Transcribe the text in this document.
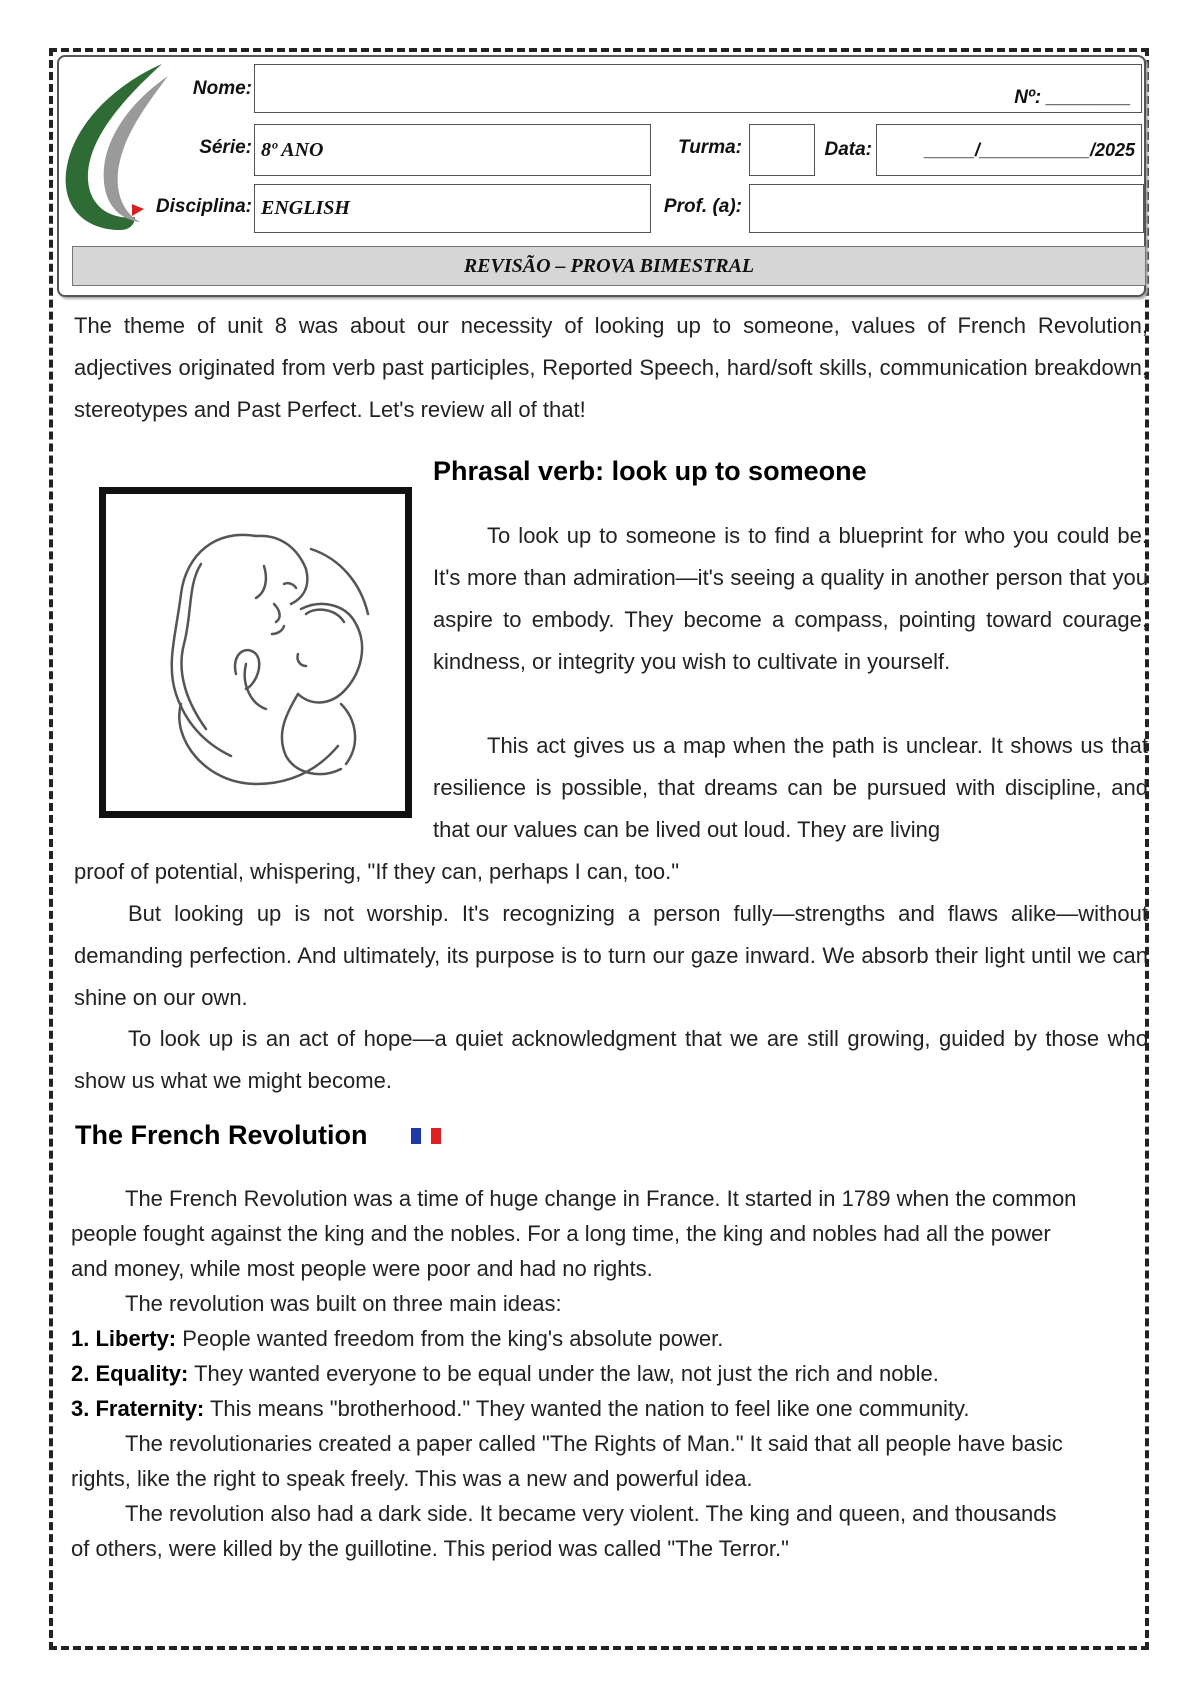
Nome:	Nº: ________
Série: 8º ANO	Turma:	Data:	_____/___________/2025
Disciplina: ENGLISH	Prof. (a):
REVISÃO – PROVA BIMESTRAL

The theme of unit 8 was about our necessity of looking up to someone, values of French Revolution, adjectives originated from verb past participles, Reported Speech, hard/soft skills, communication breakdown, stereotypes and Past Perfect. Let's review all of that!

Phrasal verb: look up to someone

To look up to someone is to find a blueprint for who you could be. It's more than admiration—it's seeing a quality in another person that you aspire to embody. They become a compass, pointing toward courage, kindness, or integrity you wish to cultivate in yourself.

This act gives us a map when the path is unclear. It shows us that resilience is possible, that dreams can be pursued with discipline, and that our values can be lived out loud. They are living

proof of potential, whispering, "If they can, perhaps I can, too."

But looking up is not worship. It's recognizing a person fully—strengths and flaws alike—without demanding perfection. And ultimately, its purpose is to turn our gaze inward. We absorb their light until we can shine on our own.

To look up is an act of hope—a quiet acknowledgment that we are still growing, guided by those who show us what we might become.

The French Revolution

The French Revolution was a time of huge change in France. It started in 1789 when the common

people fought against the king and the nobles. For a long time, the king and nobles had all the power

and money, while most people were poor and had no rights.

The revolution was built on three main ideas:

1. Liberty: People wanted freedom from the king's absolute power.

2. Equality: They wanted everyone to be equal under the law, not just the rich and noble.

3. Fraternity: This means "brotherhood." They wanted the nation to feel like one community.

The revolutionaries created a paper called "The Rights of Man." It said that all people have basic

rights, like the right to speak freely. This was a new and powerful idea.

The revolution also had a dark side. It became very violent. The king and queen, and thousands

of others, were killed by the guillotine. This period was called "The Terror."
